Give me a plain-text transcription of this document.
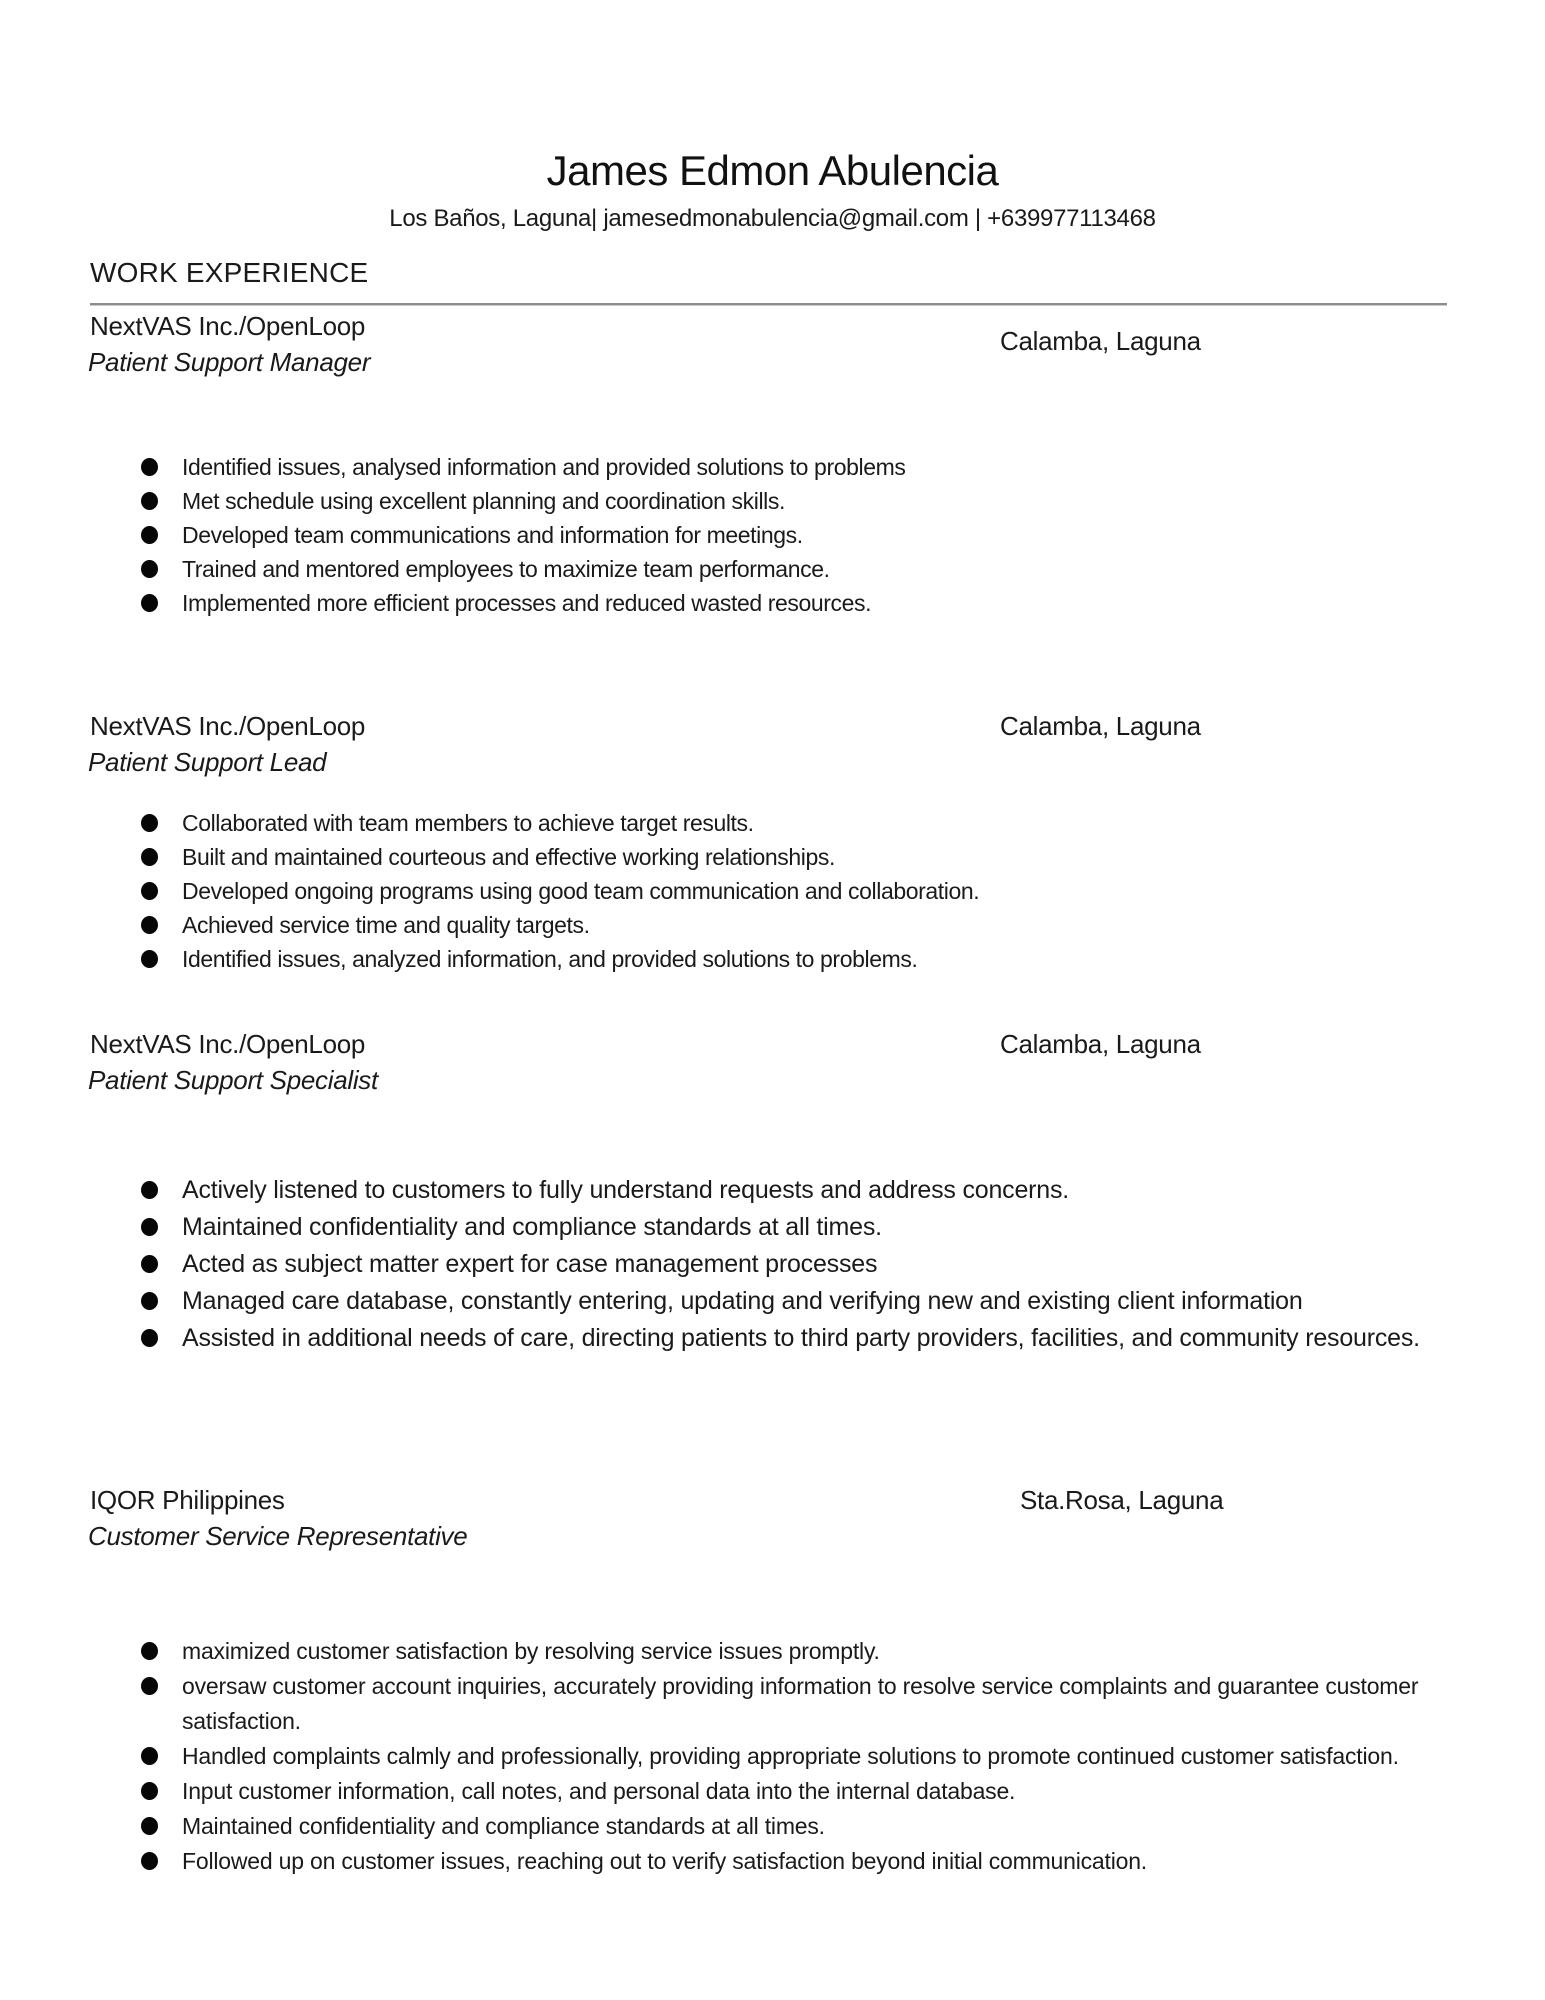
James Edmon Abulencia
Los Baños, Laguna| jamesedmonabulencia@gmail.com | +639977113468
WORK EXPERIENCE
NextVAS Inc./OpenLoop	Calamba, Laguna
Patient Support Manager
Identified issues, analysed information and provided solutions to problems
Met schedule using excellent planning and coordination skills.
Developed team communications and information for meetings.
Trained and mentored employees to maximize team performance.
Implemented more efficient processes and reduced wasted resources.
NextVAS Inc./OpenLoop	Calamba, Laguna
Patient Support Lead
Collaborated with team members to achieve target results.
Built and maintained courteous and effective working relationships.
Developed ongoing programs using good team communication and collaboration.
Achieved service time and quality targets.
Identified issues, analyzed information, and provided solutions to problems.
NextVAS Inc./OpenLoop	Calamba, Laguna
Patient Support Specialist
Actively listened to customers to fully understand requests and address concerns.
Maintained confidentiality and compliance standards at all times.
Acted as subject matter expert for case management processes
Managed care database, constantly entering, updating and verifying new and existing client information
Assisted in additional needs of care, directing patients to third party providers, facilities, and community resources.
IQOR Philippines	Sta.Rosa, Laguna
Customer Service Representative
maximized customer satisfaction by resolving service issues promptly.
oversaw customer account inquiries, accurately providing information to resolve service complaints and guarantee customer satisfaction.
Handled complaints calmly and professionally, providing appropriate solutions to promote continued customer satisfaction.
Input customer information, call notes, and personal data into the internal database.
Maintained confidentiality and compliance standards at all times.
Followed up on customer issues, reaching out to verify satisfaction beyond initial communication.
